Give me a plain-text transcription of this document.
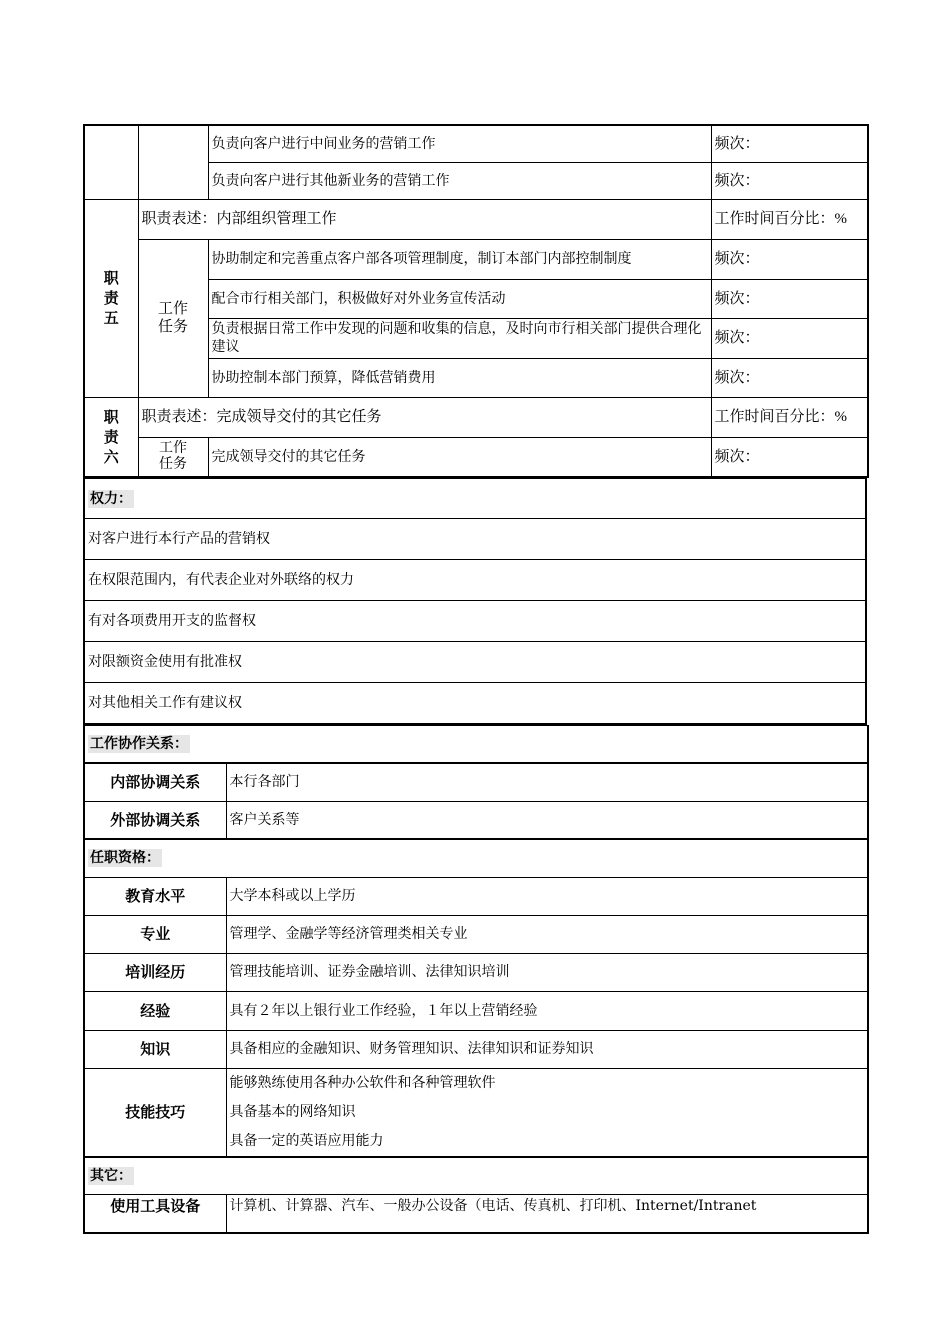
		负责向客户进行中间业务的营销工作	频次：
		负责向客户进行其他新业务的营销工作	频次：

职
责
五	职责表述：内部组织管理工作		工作时间百分比：%
	工作
任务	协助制定和完善重点客户部各项管理制度，制订本部门内部控制制度	频次：
		配合市行相关部门，积极做好对外业务宣传活动	频次：
		负责根据日常工作中发现的问题和收集的信息，及时向市行相关部门提供合理化建议	频次：
		协助控制本部门预算，降低营销费用	频次：

职
责
六	职责表述：完成领导交付的其它任务		工作时间百分比：%
	工作
任务	完成领导交付的其它任务	频次：
权力：
对客户进行本行产品的营销权
在权限范围内，有代表企业对外联络的权力
有对各项费用开支的监督权
对限额资金使用有批准权
对其他相关工作有建议权
工作协作关系：	
内部协调关系	本行各部门
外部协调关系	客户关系等
任职资格：	
教育水平	大学本科或以上学历
专业	管理学、金融学等经济管理类相关专业
培训经历	管理技能培训、证券金融培训、法律知识培训
经验	具有２年以上银行业工作经验，１年以上营销经验
知识	具备相应的金融知识、财务管理知识、法律知识和证券知识
技能技巧	能够熟练使用各种办公软件和各种管理软件
具备基本的网络知识
具备一定的英语应用能力

其它：	
使用工具设备	计算机、计算器、汽车、一般办公设备（电话、传真机、打印机、Internet/Intranet
